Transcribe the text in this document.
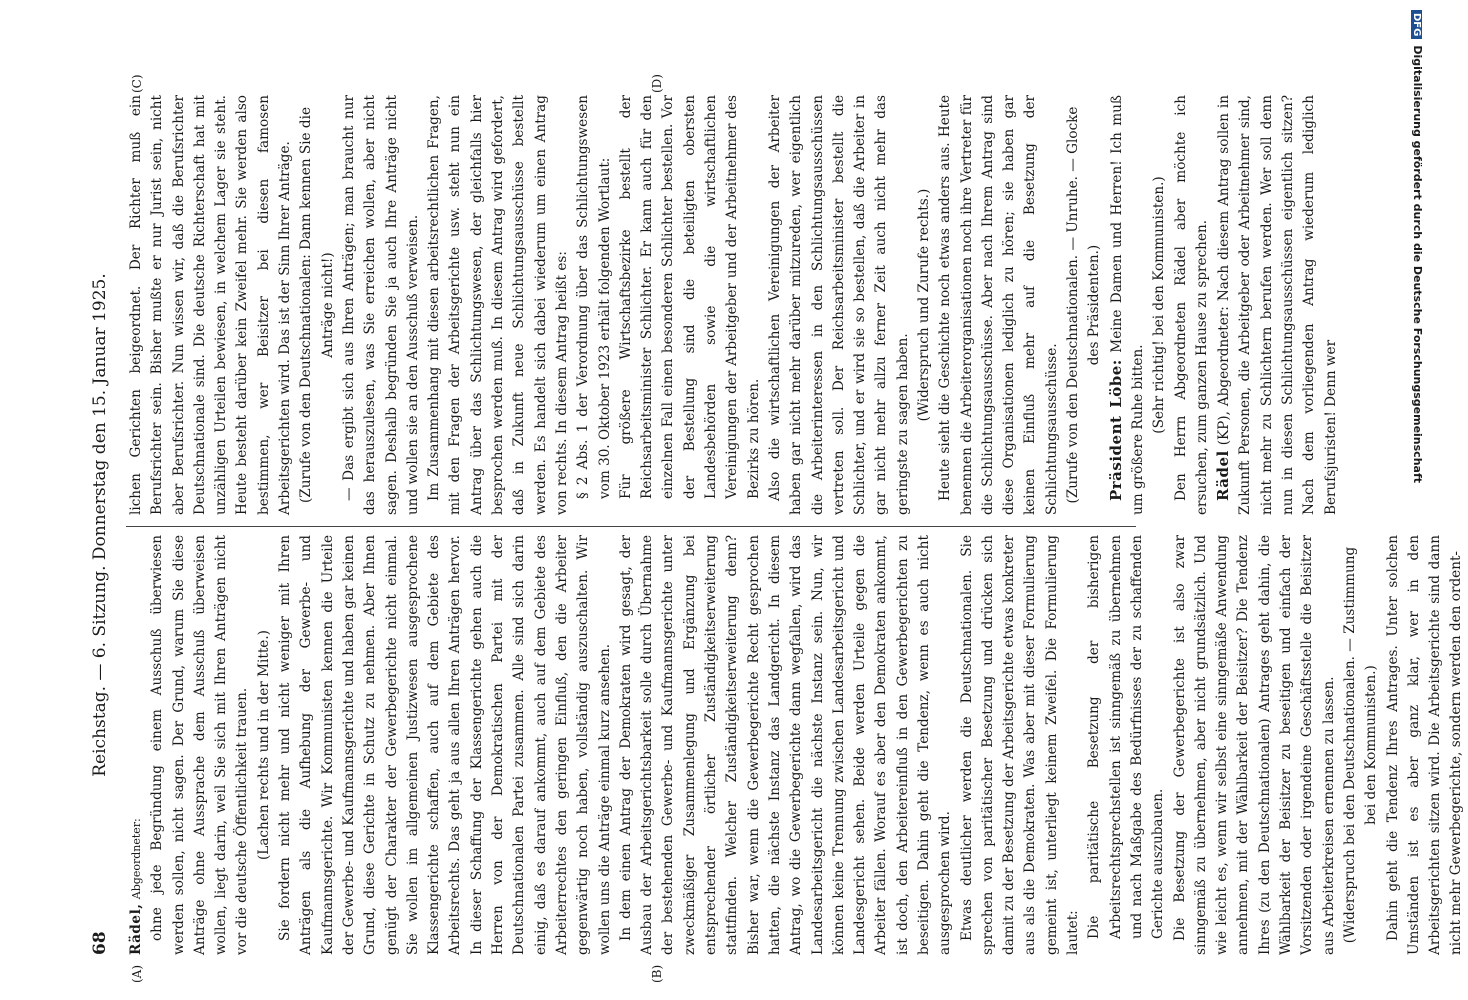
68
Reichstag. — 6. Sitzung. Donnerstag den 15. Januar 1925.

Rädel, Abgeordneter: ohne jede Begründung einem Ausschuß überwiesen werden sollen, nicht sagen. Der Grund, warum Sie diese Anträge ohne Aussprache dem Ausschuß überweisen wollen, liegt darin, weil Sie sich mit Ihren Anträgen nicht vor die deutsche Öffentlichkeit trauen. (Lachen rechts und in der Mitte.) Sie fordern nicht mehr und nicht weniger mit Ihren Anträgen als die Aufhebung der Gewerbe- und Kaufmannsgerichte. Wir Kommunisten kennen die Urteile der Gewerbe- und Kaufmannsgerichte und haben gar keinen Grund, diese Gerichte in Schutz zu nehmen. Aber Ihnen genügt der Charakter der Gewerbegerichte nicht einmal. Sie wollen im allgemeinen Justizwesen ausgesprochene Klassengerichte schaffen, auch auf dem Gebiete des Arbeitsrechts. Das geht ja aus allen Ihren Anträgen hervor. In dieser Schaffung der Klassengerichte gehen auch die Herren von der Demokratischen Partei mit der Deutschnationalen Partei zusammen. Alle sind sich darin einig, daß es darauf ankommt, auch auf dem Gebiete des Arbeiterrechtes den geringen Einfluß, den die Arbeiter gegenwärtig noch haben, vollständig auszuschalten. Wir wollen uns die Anträge einmal kurz ansehen. In dem einen Antrag der Demokraten wird gesagt, der Ausbau der Arbeitsgerichtsbarkeit solle durch Übernahme der bestehenden Gewerbe- und Kaufmannsgerichte unter zweckmäßiger Zusammenlegung und Ergänzung bei entsprechender örtlicher Zuständigkeitserweiterung stattfinden. Welcher Zuständigkeitserweiterung denn? Bisher war, wenn die Gewerbegerichte Recht gesprochen hatten, die nächste Instanz das Landgericht. In diesem Antrag, wo die Gewerbegerichte dann wegfallen, wird das Landesarbeitsgericht die nächste Instanz sein. Nun, wir können keine Trennung zwischen Landesarbeitsgericht und Landesgericht sehen. Beide werden Urteile gegen die Arbeiter fällen. Worauf es aber den Demokraten ankommt, ist doch, den Arbeitereinfluß in den Gewerbegerichten zu beseitigen. Dahin geht die Tendenz, wenn es auch nicht ausgesprochen wird. Etwas deutlicher werden die Deutschnationalen. Sie sprechen von paritätischer Besetzung und drücken sich damit zu der Besetzung der Arbeitsgerichte etwas konkreter aus als die Demokraten. Was aber mit dieser Formulierung gemeint ist, unterliegt keinem Zweifel. Die Formulierung lautet: Die paritätische Besetzung der bisherigen Arbeitsrechtsprechstellen ist sinngemäß zu übernehmen und nach Maßgabe des Bedürfnisses der zu schaffenden Gerichte auszubauen. Die Besetzung der Gewerbegerichte ist also zwar sinngemäß zu übernehmen, aber nicht grundsätzlich. Und wie leicht es, wenn wir selbst eine sinngemäße Anwendung annehmen, mit der Wählbarkeit der Beisitzer? Die Tendenz Ihres (zu den Deutschnationalen) Antrages geht dahin, die Wählbarkeit der Beisitzer zu beseitigen und einfach der Vorsitzenden oder irgendeine Geschäftsstelle die Beisitzer aus Arbeiterkreisen ernennen zu lassen. (Widerspruch bei den Deutschnationalen. — Zustimmung bei den Kommunisten.) Dahin geht die Tendenz Ihres Antrages. Unter solchen Umständen ist es aber ganz klar, wer in den Arbeitsgerichten sitzen wird. Die Arbeitsgerichte sind dann nicht mehr Gewerbegerichte, sondern werden den ordent-

lichen Gerichten beigeordnet. Der Richter muß ein Berufsrichter sein. Bisher mußte er nur Jurist sein, nicht aber Berufsrichter. Nun wissen wir, daß die Berufsrichter Deutschnationale sind. Die deutsche Richterschaft hat mit unzähligen Urteilen bewiesen, in welchem Lager sie steht. Heute besteht darüber kein Zweifel mehr. Sie werden also bestimmen, wer Beisitzer bei diesen famosen Arbeitsgerichten wird. Das ist der Sinn Ihrer Anträge. (Zurufe von den Deutschnationalen: Dann kennen Sie die Anträge nicht!) — Das ergibt sich aus Ihren Anträgen; man braucht nur das herauszulesen, was Sie erreichen wollen, aber nicht sagen. Deshalb begründen Sie ja auch Ihre Anträge nicht und wollen sie an den Ausschuß verweisen. Im Zusammenhang mit diesen arbeitsrechtlichen Fragen, mit den Fragen der Arbeitsgerichte usw. steht nun ein Antrag über das Schlichtungswesen, der gleichfalls hier besprochen werden muß. In diesem Antrag wird gefordert, daß in Zukunft neue Schlichtungsausschüsse bestellt werden. Es handelt sich dabei wiederum um einen Antrag von rechts. In diesem Antrag heißt es: § 2 Abs. 1 der Verordnung über das Schlichtungswesen vom 30. Oktober 1923 erhält folgenden Wortlaut: Für größere Wirtschaftsbezirke bestellt der Reichsarbeitsminister Schlichter. Er kann auch für den einzelnen Fall einen besonderen Schlichter bestellen. Vor der Bestellung sind die beteiligten obersten Landesbehörden sowie die wirtschaftlichen Vereinigungen der Arbeitgeber und der Arbeitnehmer des Bezirks zu hören. Also die wirtschaftlichen Vereinigungen der Arbeiter haben gar nicht mehr darüber mitzureden, wer eigentlich die Arbeiterinteressen in den Schlichtungsausschüssen vertreten soll. Der Reichsarbeitsminister bestellt die Schlichter, und er wird sie so bestellen, daß die Arbeiter in gar nicht mehr allzu ferner Zeit auch nicht mehr das geringste zu sagen haben.

(Widerspruch und Zurufe rechts.) Heute sieht die Geschichte noch etwas anders aus. Heute benennen die Arbeiterorganisationen noch ihre Vertreter für die Schlichtungsausschüsse. Aber nach Ihrem Antrag sind diese Organisationen lediglich zu hören; sie haben gar keinen Einfluß mehr auf die Besetzung der Schlichtungsausschüsse. (Zurufe von den Deutschnationalen. — Unruhe. — Glocke des Präsidenten.)

Präsident Löbe: Meine Damen und Herren! Ich muß um größere Ruhe bitten. (Sehr richtig! bei den Kommunisten.) Den Herrn Abgeordneten Rädel aber möchte ich ersuchen, zum ganzen Hause zu sprechen. Rädel (KP), Abgeordneter: Nach diesem Antrag sollen in Zukunft Personen, die Arbeitgeber oder Arbeitnehmer sind, nicht mehr zu Schlichtern berufen werden. Wer soll denn nun in diesen Schlichtungsausschüssen eigentlich sitzen? Nach dem vorliegenden Antrag wiederum lediglich Berufsjuristen! Denn wer

(A)	(B)
(C)	(D)
DFGDigitalisierung gefördert durch die Deutsche Forschungsgemeinschaft
